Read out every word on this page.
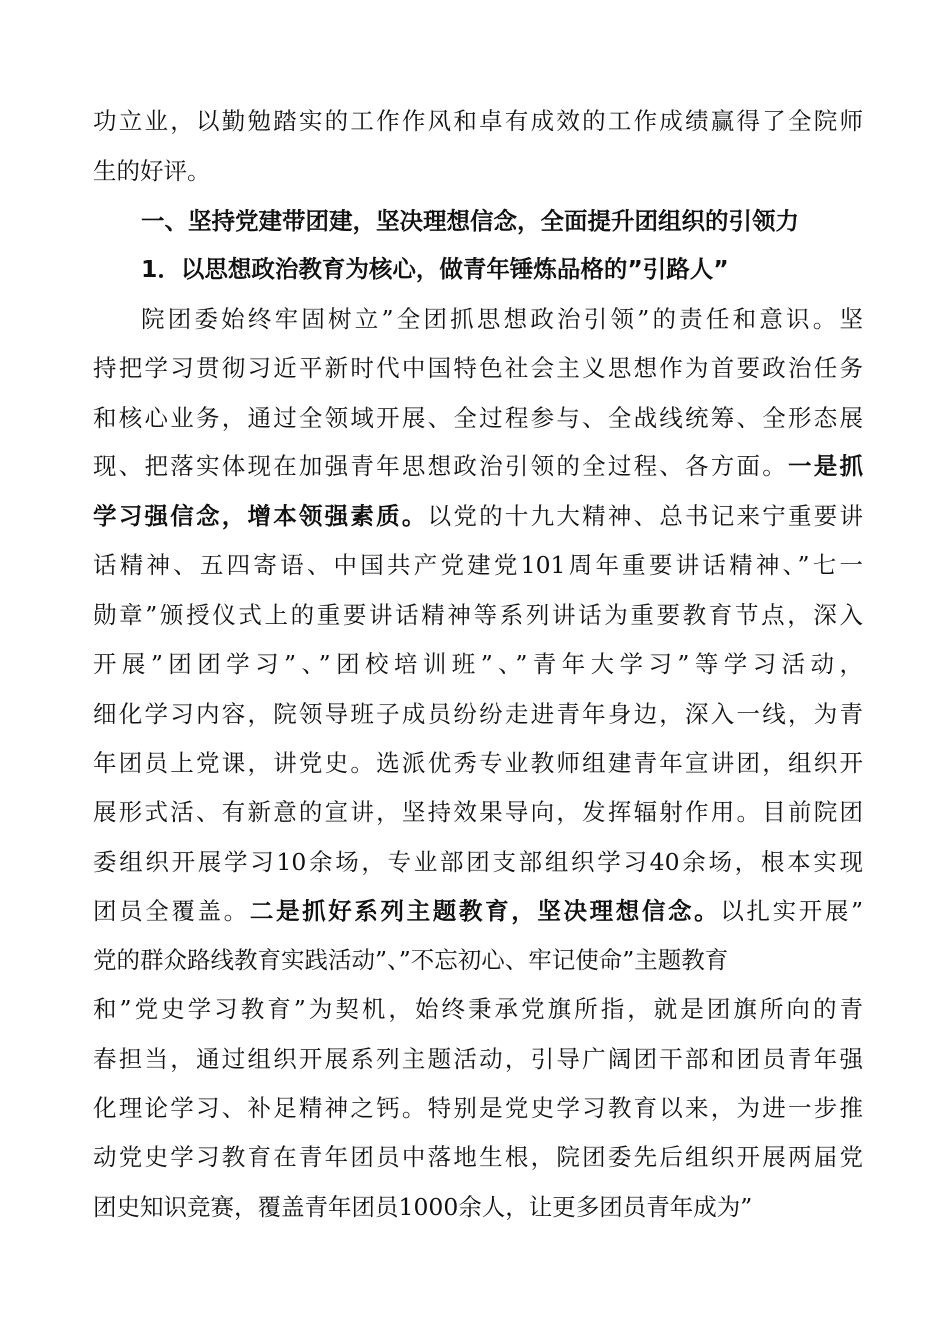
功立业，以勤勉踏实的工作作风和卓有成效的工作成绩赢得了全院师
生的好评。
一、坚持党建带团建，坚决理想信念，全面提升团组织的引领力
1．以思想政治教育为核心，做青年锤炼品格的”引路人”
院团委始终牢固树立”全团抓思想政治引领”的责任和意识。坚
持把学习贯彻习近平新时代中国特色社会主义思想作为首要政治任务
和核心业务，通过全领域开展、全过程参与、全战线统筹、全形态展
现、把落实体现在加强青年思想政治引领的全过程、各方面。一是抓
学习强信念，增本领强素质。以党的十九大精神、总书记来宁重要讲
话精神、五四寄语、中国共产党建党101周年重要讲话精神、”七一
勋章”颁授仪式上的重要讲话精神等系列讲话为重要教育节点，深入
开展”团团学习”、”团校培训班”、”青年大学习”等学习活动，
细化学习内容，院领导班子成员纷纷走进青年身边，深入一线，为青
年团员上党课，讲党史。选派优秀专业教师组建青年宣讲团，组织开
展形式活、有新意的宣讲，坚持效果导向，发挥辐射作用。目前院团
委组织开展学习10余场，专业部团支部组织学习40余场，根本实现
团员全覆盖。二是抓好系列主题教育，坚决理想信念。以扎实开展”
党的群众路线教育实践活动”、”不忘初心、牢记使命”主题教育
和”党史学习教育”为契机，始终秉承党旗所指，就是团旗所向的青
春担当，通过组织开展系列主题活动，引导广阔团干部和团员青年强
化理论学习、补足精神之钙。特别是党史学习教育以来，为进一步推
动党史学习教育在青年团员中落地生根，院团委先后组织开展两届党
团史知识竞赛，覆盖青年团员1000余人，让更多团员青年成为”
